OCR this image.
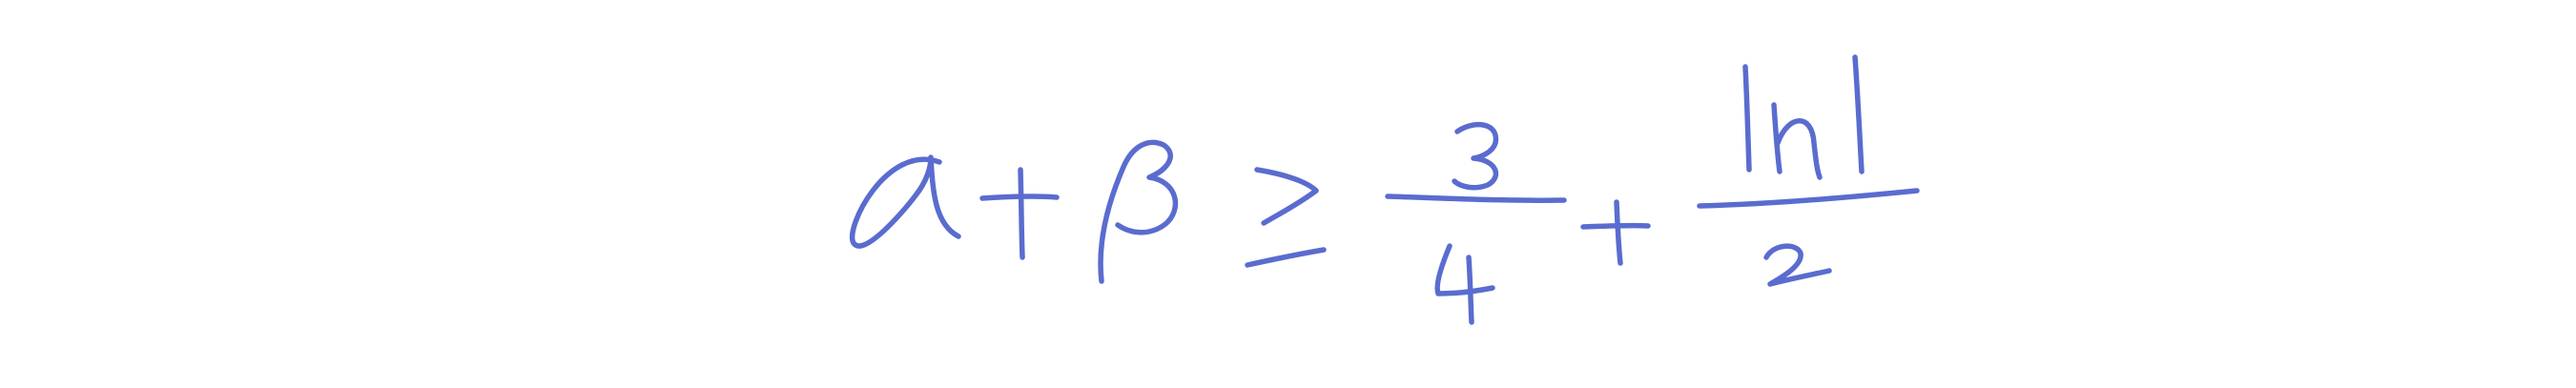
α	+	β	≥
3
4
+
|h|
2
